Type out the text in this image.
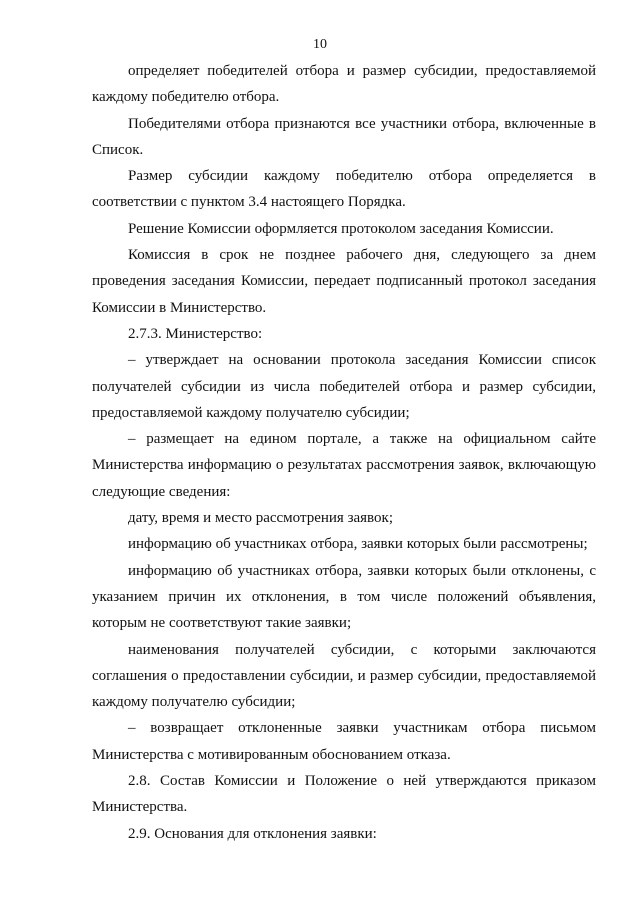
10

определяет победителей отбора и размер субсидии, предоставляемой каждому победителю отбора.

Победителями отбора признаются все участники отбора, включенные в Список.

Размер субсидии каждому победителю отбора определяется в соответствии с пунктом 3.4 настоящего Порядка.

Решение Комиссии оформляется протоколом заседания Комиссии.

Комиссия в срок не позднее рабочего дня, следующего за днем проведения заседания Комиссии, передает подписанный протокол заседания Комиссии в Министерство.

2.7.3. Министерство:

– утверждает на основании протокола заседания Комиссии список получателей субсидии из числа победителей отбора и размер субсидии, предоставляемой каждому получателю субсидии;

– размещает на едином портале, а также на официальном сайте Министерства информацию о результатах рассмотрения заявок, включающую следующие сведения:

дату, время и место рассмотрения заявок;

информацию об участниках отбора, заявки которых были рассмотрены;

информацию об участниках отбора, заявки которых были отклонены, с указанием причин их отклонения, в том числе положений объявления, которым не соответствуют такие заявки;

наименования получателей субсидии, с которыми заключаются соглашения о предоставлении субсидии, и размер субсидии, предоставляемой каждому получателю субсидии;

– возвращает отклоненные заявки участникам отбора письмом Министерства с мотивированным обоснованием отказа.

2.8. Состав Комиссии и Положение о ней утверждаются приказом Министерства.

2.9. Основания для отклонения заявки:
